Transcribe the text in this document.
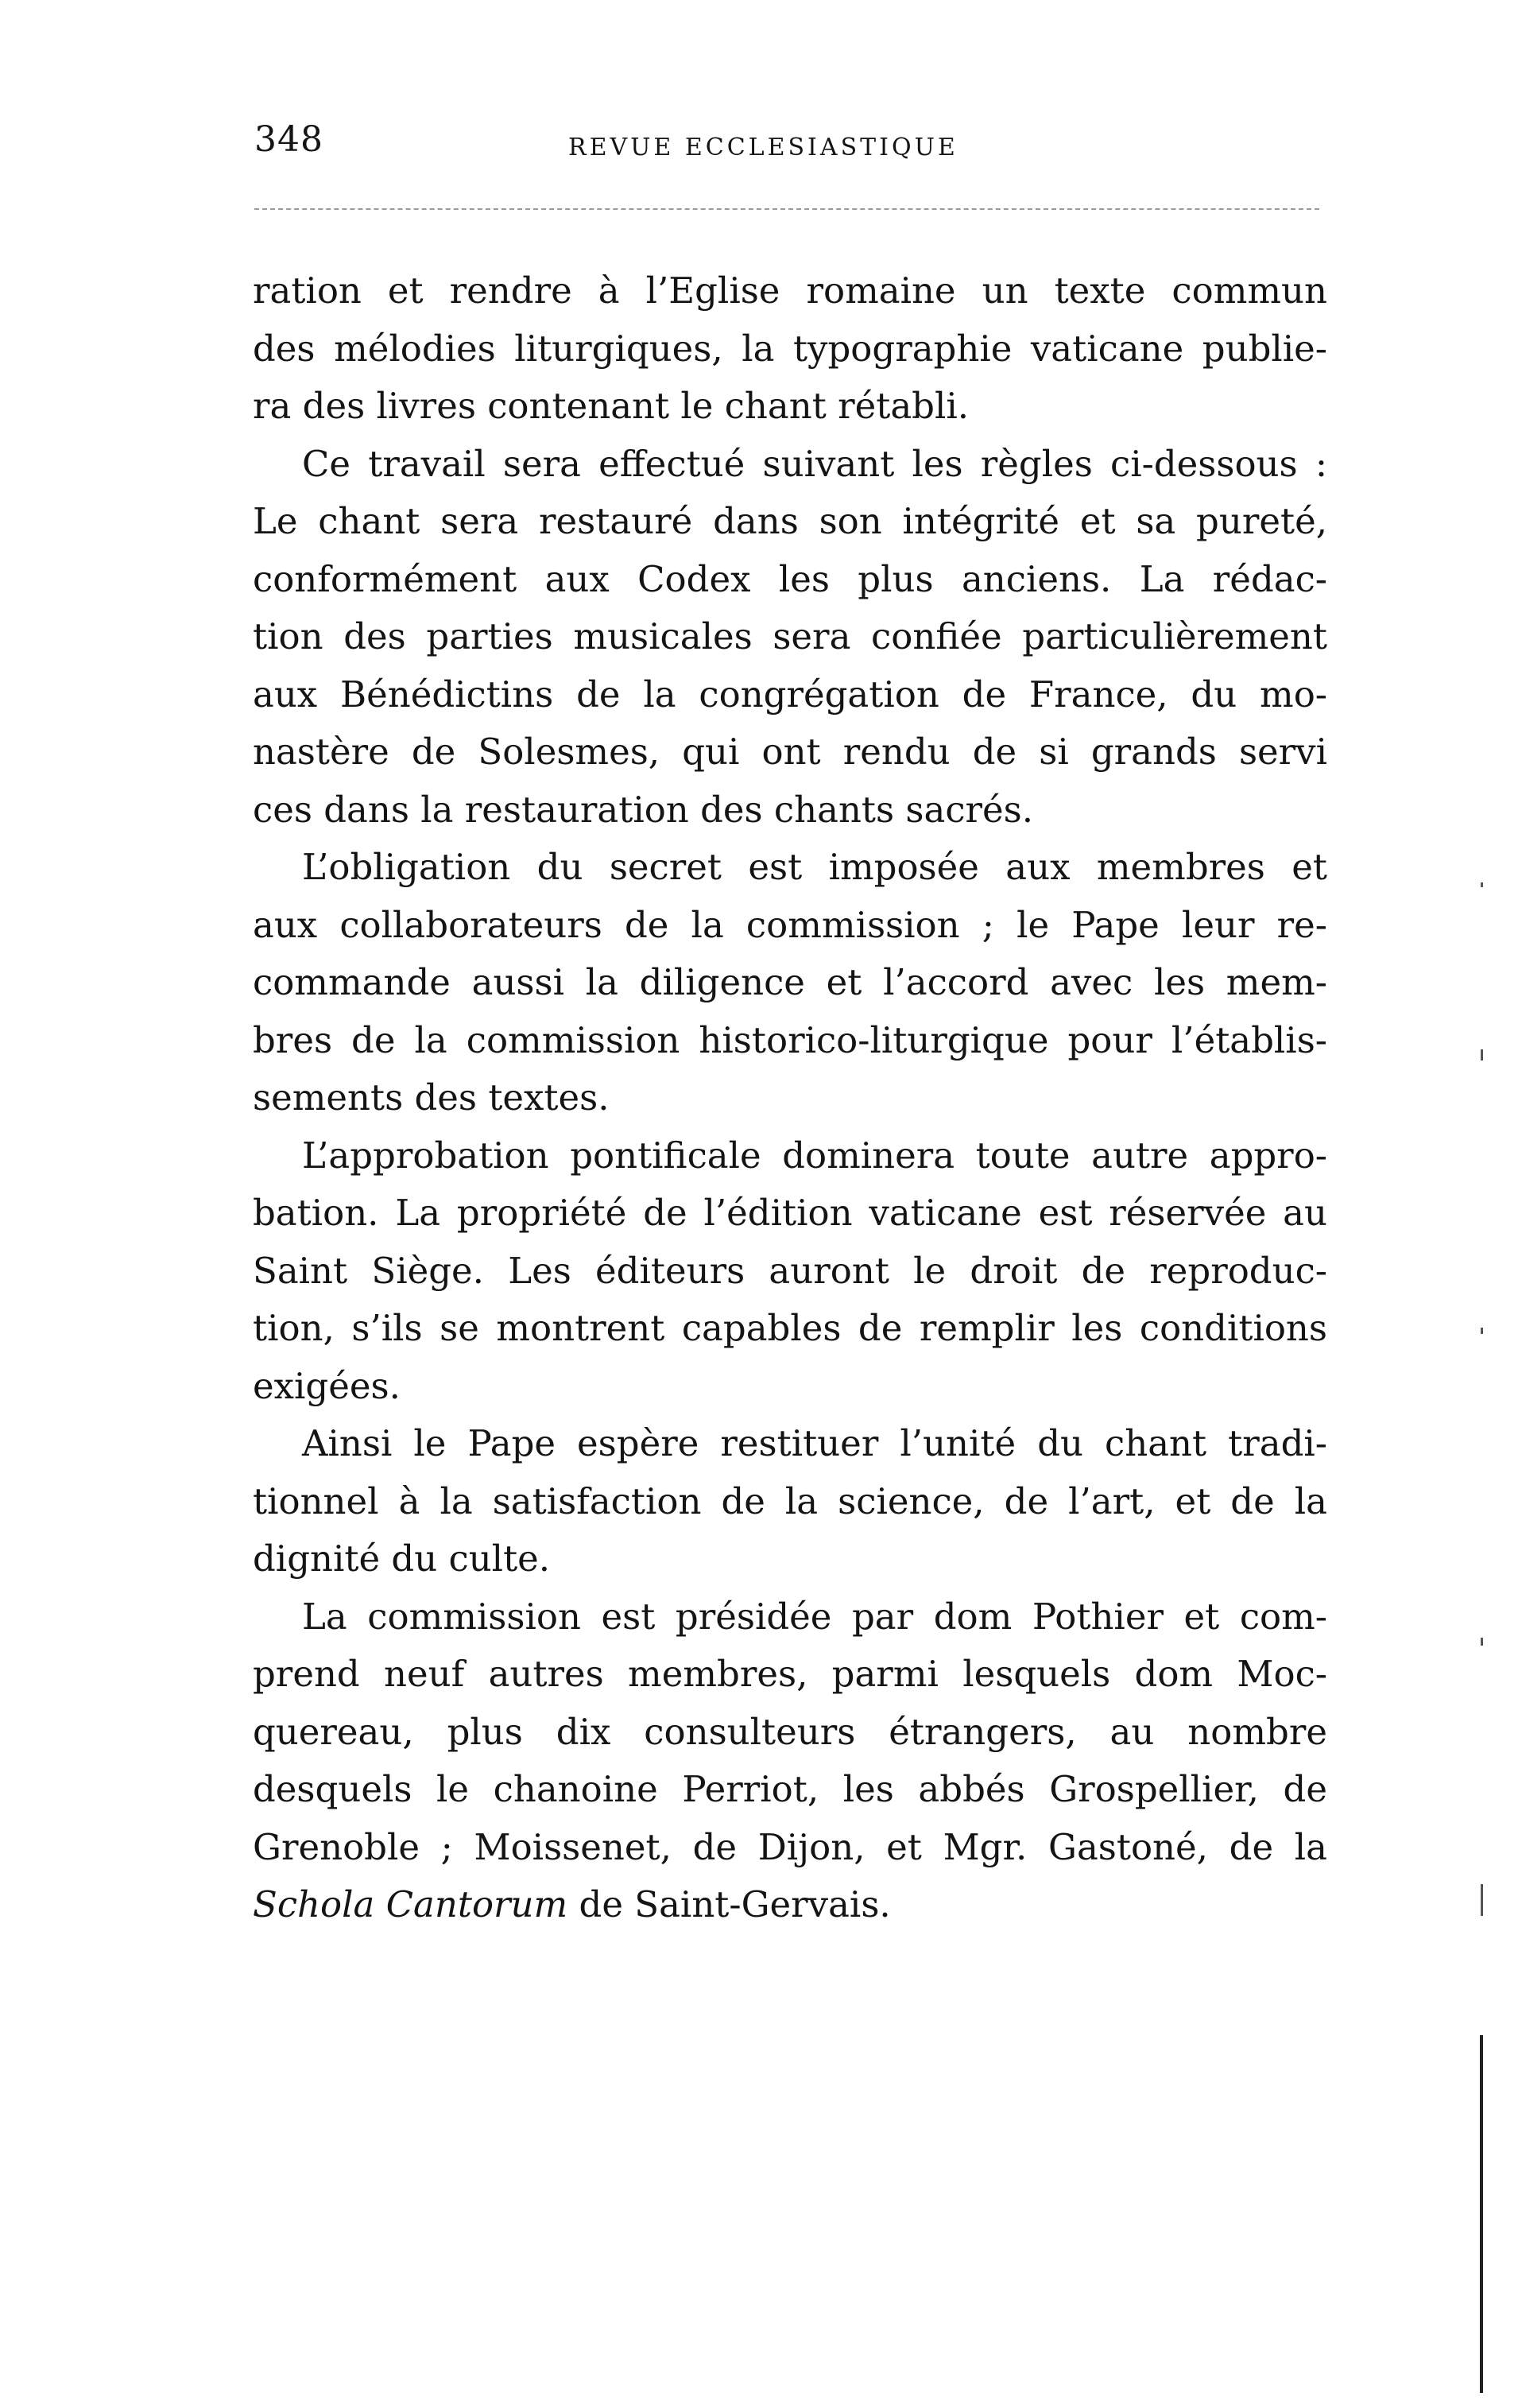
348	REVUE ECCLESIASTIQUE
ration et rendre à l’Eglise romaine un texte commun
des mélodies liturgiques, la typographie vaticane publie-
ra des livres contenant le chant rétabli.
Ce travail sera effectué suivant les règles ci-dessous :
Le chant sera restauré dans son intégrité et sa pureté,
conformément aux Codex les plus anciens. La rédac-
tion des parties musicales sera confiée particulièrement
aux Bénédictins de la congrégation de France, du mo-
nastère de Solesmes, qui ont rendu de si grands servi
ces dans la restauration des chants sacrés.
L’obligation du secret est imposée aux membres et
aux collaborateurs de la commission ; le Pape leur re-
commande aussi la diligence et l’accord avec les mem-
bres de la commission historico-liturgique pour l’établis-
sements des textes.
L’approbation pontificale dominera toute autre appro-
bation. La propriété de l’édition vaticane est réservée au
Saint Siège. Les éditeurs auront le droit de reproduc-
tion, s’ils se montrent capables de remplir les conditions
exigées.
Ainsi le Pape espère restituer l’unité du chant tradi-
tionnel à la satisfaction de la science, de l’art, et de la
dignité du culte.
La commission est présidée par dom Pothier et com-
prend neuf autres membres, parmi lesquels dom Moc-
quereau, plus dix consulteurs étrangers, au nombre
desquels le chanoine Perriot, les abbés Grospellier, de
Grenoble ; Moissenet, de Dijon, et Mgr. Gastoné, de la
Schola Cantorum de Saint-Gervais.
